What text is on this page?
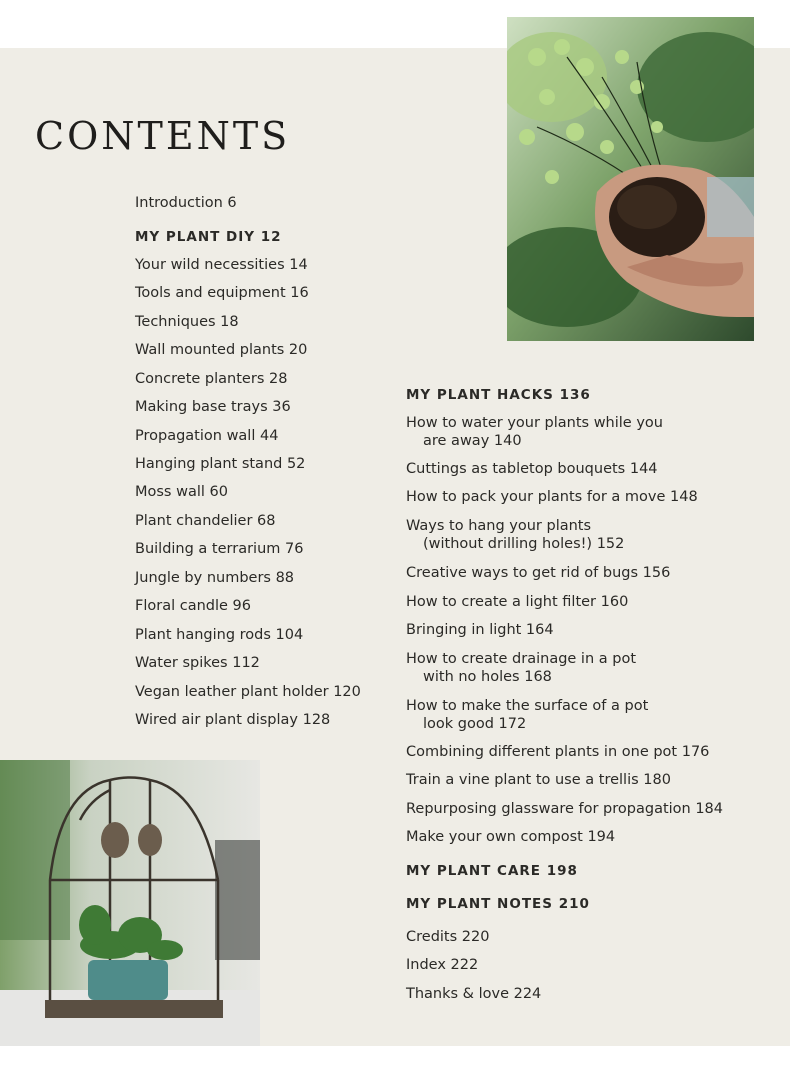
CONTENTS
Introduction 6
MY PLANT DIY 12
Your wild necessities 14
Tools and equipment 16
Techniques 18
Wall mounted plants 20
Concrete planters 28
Making base trays 36
Propagation wall 44
Hanging plant stand 52
Moss wall 60
Plant chandelier 68
Building a terrarium 76
Jungle by numbers 88
Floral candle 96
Plant hanging rods 104
Water spikes 112
Vegan leather plant holder 120
Wired air plant display 128
MY PLANT HACKS 136
How to water your plants while you
are away 140
Cuttings as tabletop bouquets 144
How to pack your plants for a move 148
Ways to hang your plants
(without drilling holes!) 152
Creative ways to get rid of bugs 156
How to create a light filter 160
Bringing in light 164
How to create drainage in a pot
with no holes 168
How to make the surface of a pot
look good 172
Combining different plants in one pot 176
Train a vine plant to use a trellis 180
Repurposing glassware for propagation 184
Make your own compost 194
MY PLANT CARE 198
MY PLANT NOTES 210
Credits 220
Index 222
Thanks & love 224
